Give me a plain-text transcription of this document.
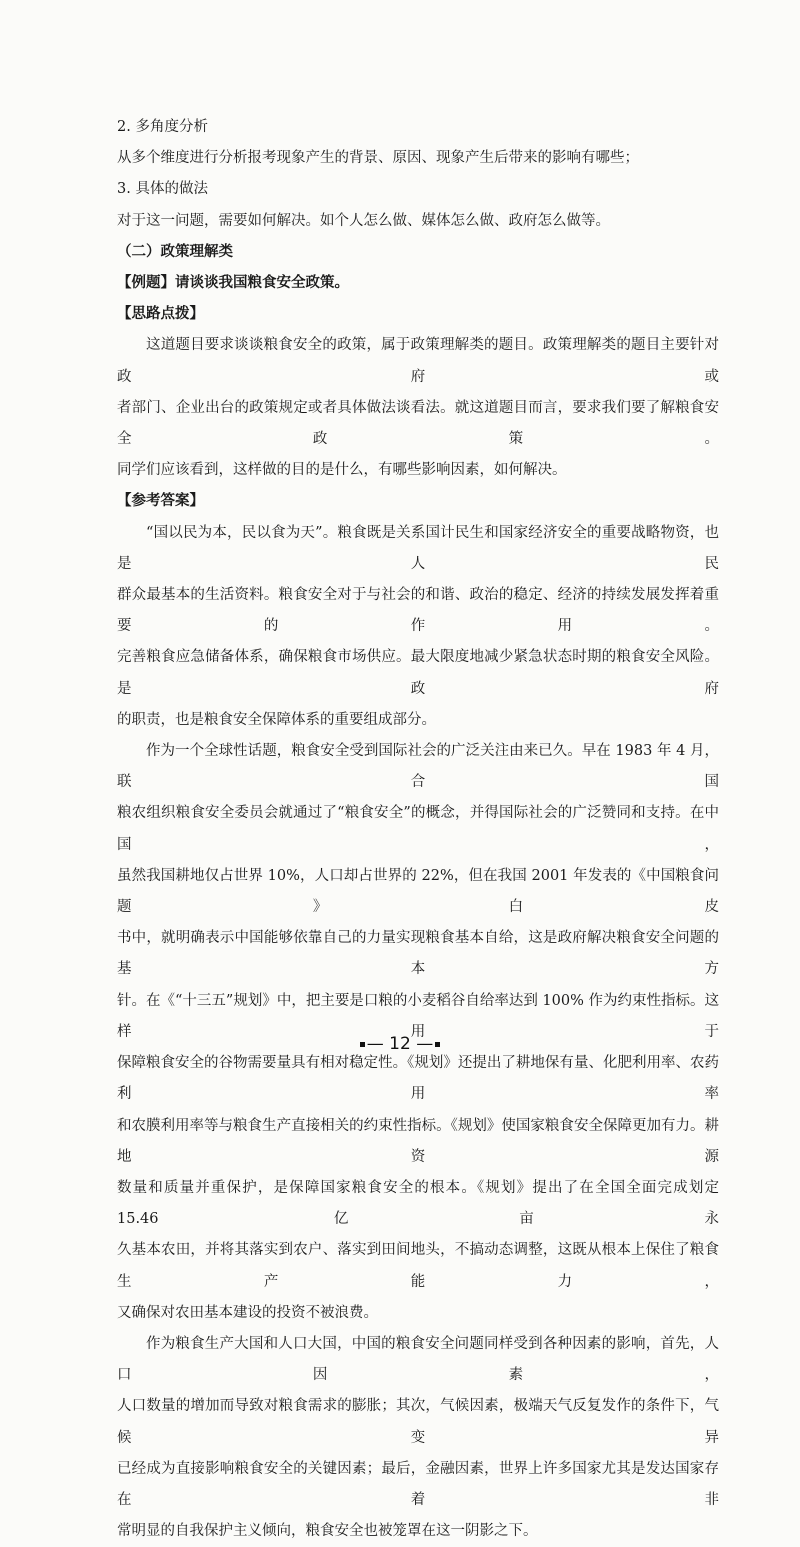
2. 多角度分析
从多个维度进行分析报考现象产生的背景、原因、现象产生后带来的影响有哪些；
3. 具体的做法
对于这一问题，需要如何解决。如个人怎么做、媒体怎么做、政府怎么做等。
（二）政策理解类
【例题】请谈谈我国粮食安全政策。
【思路点拨】

这道题目要求谈谈粮食安全的政策，属于政策理解类的题目。政策理解类的题目主要针对政府或

者部门、企业出台的政策规定或者具体做法谈看法。就这道题目而言，要求我们要了解粮食安全政策。

同学们应该看到，这样做的目的是什么，有哪些影响因素，如何解决。

【参考答案】

“国以民为本，民以食为天”。粮食既是关系国计民生和国家经济安全的重要战略物资，也是人民

群众最基本的生活资料。粮食安全对于与社会的和谐、政治的稳定、经济的持续发展发挥着重要的作用。

完善粮食应急储备体系，确保粮食市场供应。最大限度地减少紧急状态时期的粮食安全风险。是政府

的职责，也是粮食安全保障体系的重要组成部分。

作为一个全球性话题，粮食安全受到国际社会的广泛关注由来已久。早在 1983 年 4 月，联合国

粮农组织粮食安全委员会就通过了“粮食安全”的概念，并得国际社会的广泛赞同和支持。在中国，

虽然我国耕地仅占世界 10%，人口却占世界的 22%，但在我国 2001 年发表的《中国粮食问题》白皮

书中，就明确表示中国能够依靠自己的力量实现粮食基本自给，这是政府解决粮食安全问题的基本方

针。在《“十三五”规划》中，把主要是口粮的小麦稻谷自给率达到 100% 作为约束性指标。这样用于

保障粮食安全的谷物需要量具有相对稳定性。《规划》还提出了耕地保有量、化肥利用率、农药利用率

和农膜利用率等与粮食生产直接相关的约束性指标。《规划》使国家粮食安全保障更加有力。耕地资源

数量和质量并重保护，是保障国家粮食安全的根本。《规划》提出了在全国全面完成划定 15.46 亿亩永

久基本农田，并将其落实到农户、落实到田间地头，不搞动态调整，这既从根本上保住了粮食生产能力，

又确保对农田基本建设的投资不被浪费。

作为粮食生产大国和人口大国，中国的粮食安全问题同样受到各种因素的影响，首先，人口因素，

人口数量的增加而导致对粮食需求的膨胀；其次，气候因素，极端天气反复发作的条件下，气候变异

已经成为直接影响粮食安全的关键因素；最后，金融因素，世界上许多国家尤其是发达国家存在着非

常明显的自我保护主义倾向，粮食安全也被笼罩在这一阴影之下。

— 12 —
